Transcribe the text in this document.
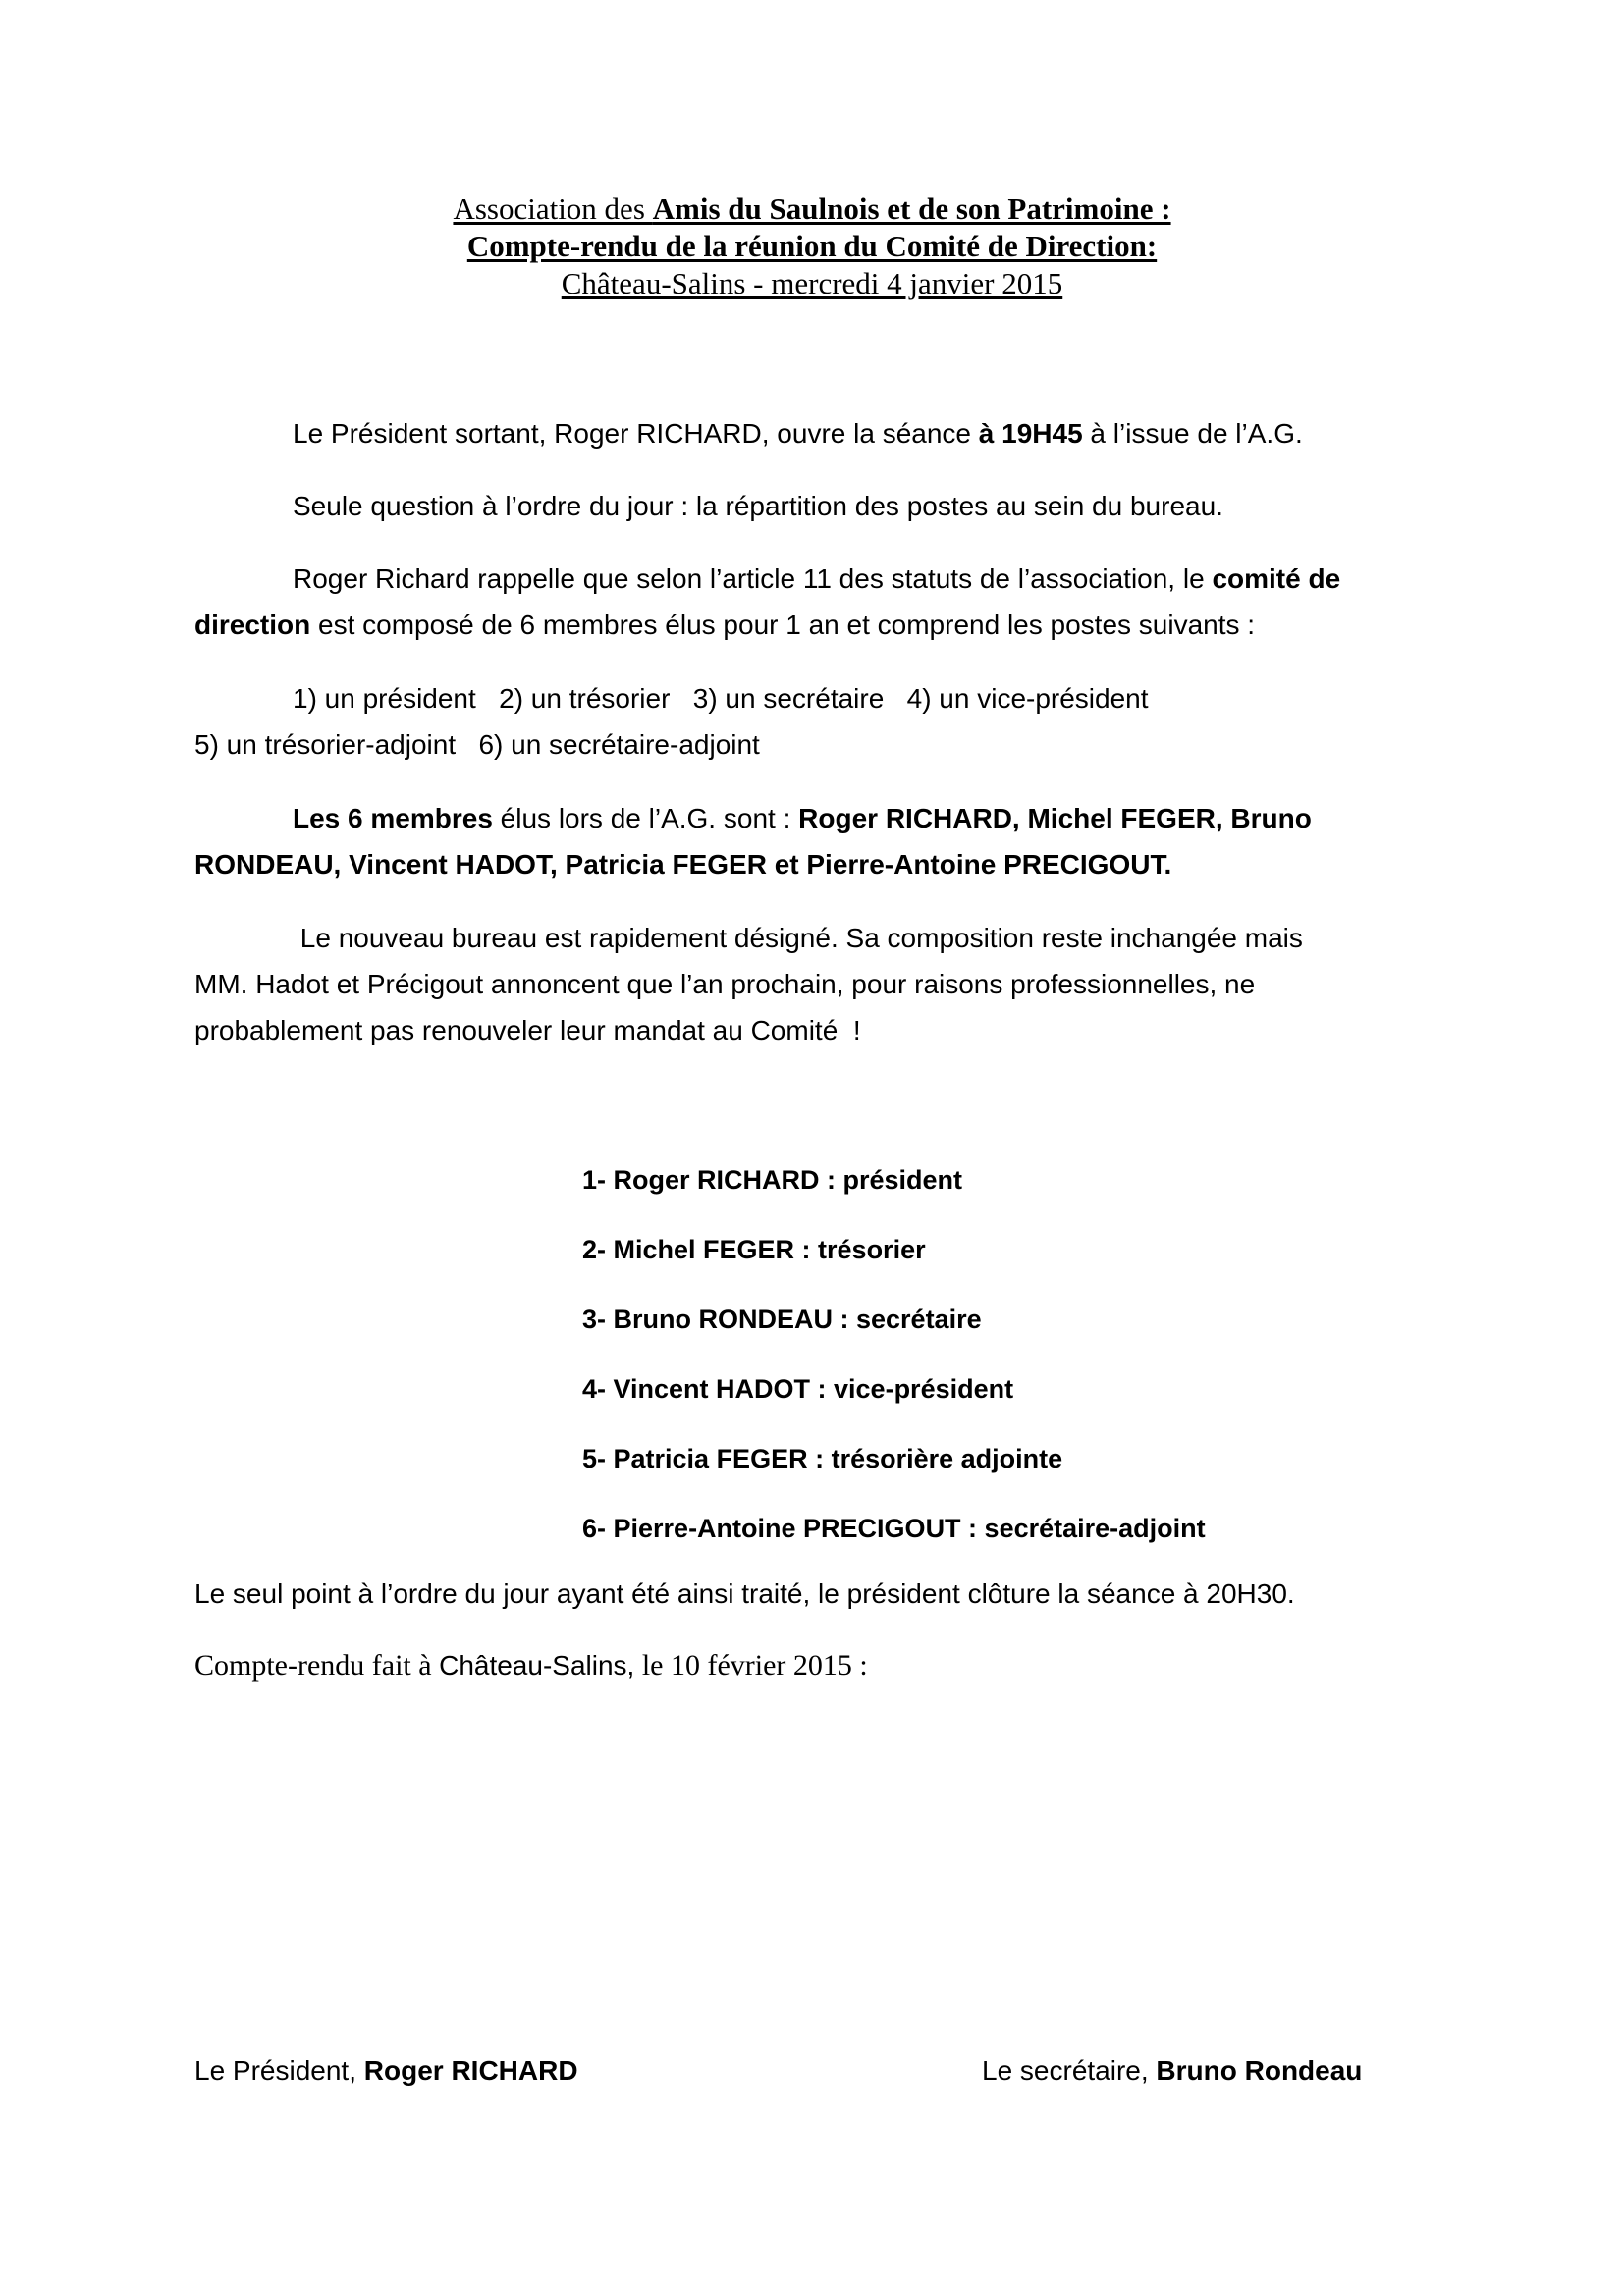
Association des Amis du Saulnois et de son Patrimoine :
Compte-rendu de la réunion du Comité de Direction:
Château-Salins - mercredi 4 janvier 2015
Le Président sortant, Roger RICHARD, ouvre la séance à 19H45 à l’issue de l’A.G.
Seule question à l’ordre du jour : la répartition des postes au sein du bureau.
Roger Richard rappelle que selon l’article 11 des statuts de l’association, le comité de
direction est composé de 6 membres élus pour 1 an et comprend les postes suivants :
1) un président   2) un trésorier   3) un secrétaire   4) un vice-président
5) un trésorier-adjoint   6) un secrétaire-adjoint
Les 6 membres élus lors de l’A.G. sont : Roger RICHARD, Michel FEGER, Bruno
RONDEAU, Vincent HADOT, Patricia FEGER et Pierre-Antoine PRECIGOUT.
Le nouveau bureau est rapidement désigné. Sa composition reste inchangée mais
MM. Hadot et Précigout annoncent que l’an prochain, pour raisons professionnelles, ne
probablement pas renouveler leur mandat au Comité  !
1- Roger RICHARD : président
2- Michel FEGER : trésorier
3- Bruno RONDEAU : secrétaire
4- Vincent HADOT : vice-président
5- Patricia FEGER : trésorière adjointe
6- Pierre-Antoine PRECIGOUT : secrétaire-adjoint
Le seul point à l’ordre du jour ayant été ainsi traité, le président clôture la séance à 20H30.
Compte-rendu fait à Château-Salins, le 10 février 2015 :
Le Président, Roger RICHARD	Le secrétaire, Bruno Rondeau
